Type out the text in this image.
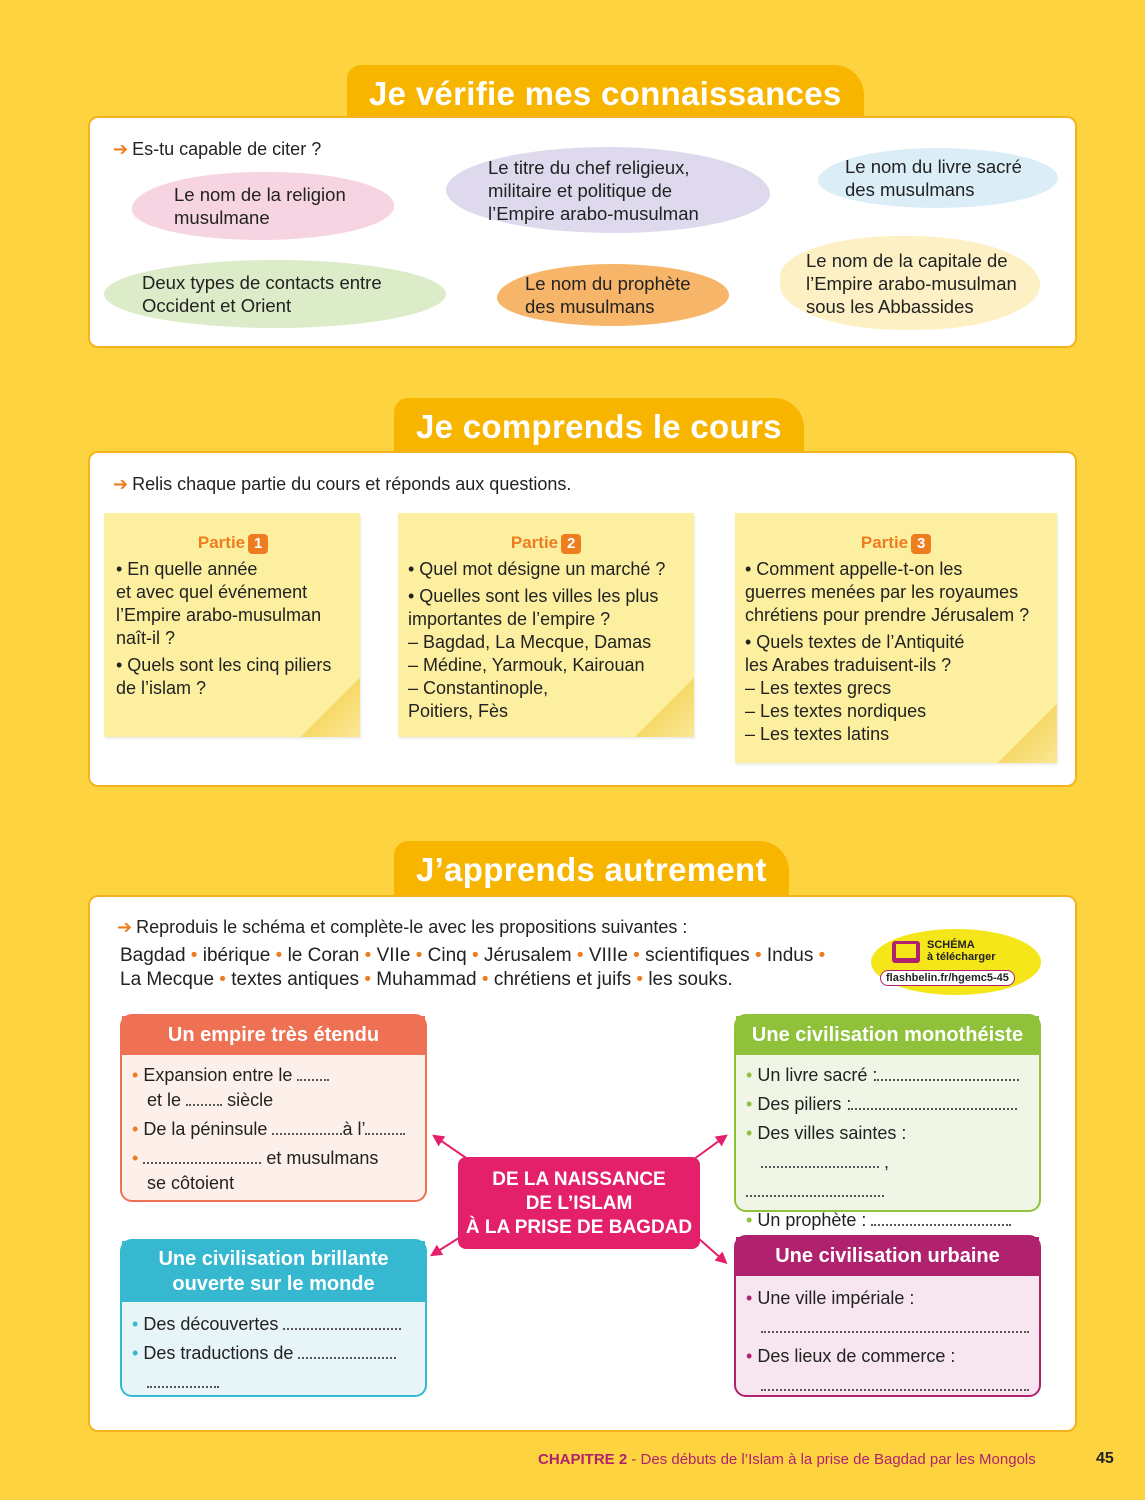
Je vérifie mes connaissances
➔ Es-tu capable de citer ?
Le nom de la religion
musulmane
Le titre du chef religieux,
militaire et politique de
l’Empire arabo-musulman
Le nom du livre sacré
des musulmans
Deux types de contacts entre
Occident et Orient
Le nom du prophète
des musulmans
Le nom de la capitale de
l’Empire arabo-musulman
sous les Abbassides
Je comprends le cours
➔ Relis chaque partie du cours et réponds aux questions.
Partie 1
• En quelle année
et avec quel événement
l’Empire arabo-musulman
naît-il ?
• Quels sont les cinq piliers
de l’islam ?
Partie 2
• Quel mot désigne un marché ?
• Quelles sont les villes les plus
importantes de l’empire ?
– Bagdad, La Mecque, Damas
– Médine, Yarmouk, Kairouan
– Constantinople,
Poitiers, Fès
Partie 3
• Comment appelle-t-on les
guerres menées par les royaumes
chrétiens pour prendre Jérusalem ?
• Quels textes de l’Antiquité
les Arabes traduisent-ils ?
– Les textes grecs
– Les textes nordiques
– Les textes latins
J’apprends autrement
➔ Reproduis le schéma et complète-le avec les propositions suivantes :
Bagdad • ibérique • le Coran • VIIe • Cinq • Jérusalem • VIIIe • scientifiques • Indus •
La Mecque • textes antiques • Muhammad • chrétiens et juifs • les souks.
SCHÉMA
à télécharger
flashbelin.fr/hgemc5-45
DE LA NAISSANCE
DE L’ISLAM
À LA PRISE DE BAGDAD
Un empire très étendu
• Expansion entre le
et le	siècle
• De la péninsule	à l’
•	et musulmans
se côtoient
Une civilisation brillante
ouverte sur le monde
• Des découvertes
• Des traductions de

Une civilisation monothéiste
• Un livre sacré :
• Des piliers :
• Des villes saintes :
,
• Un prophète :
Une civilisation urbaine
• Une ville impériale :

• Des lieux de commerce :

CHAPITRE 2 - Des débuts de l’Islam à la prise de Bagdad par les Mongols	45
